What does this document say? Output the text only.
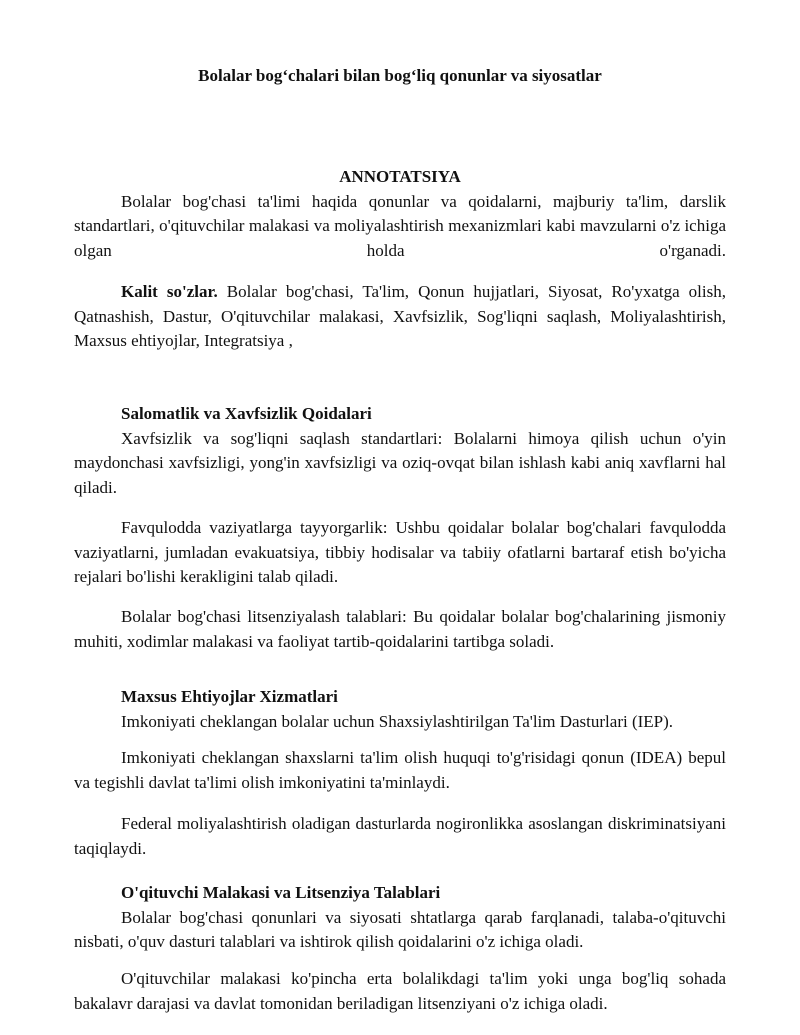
Bolalar bog‘chalari bilan bog‘liq qonunlar va siyosatlar
ANNOTATSIYA

Bolalar bog'chasi ta'limi haqida qonunlar va qoidalarni, majburiy ta'lim, darslik standartlari, o'qituvchilar malakasi va moliyalashtirish mexanizmlari kabi mavzularni o'z ichiga olgan holda o'rganadi.

Kalit so'zlar. Bolalar bog'chasi, Ta'lim, Qonun hujjatlari, Siyosat, Ro'yxatga olish, Qatnashish, Dastur, O'qituvchilar malakasi, Xavfsizlik, Sog'liqni saqlash, Moliyalashtirish, Maxsus ehtiyojlar, Integratsiya ,

Salomatlik va Xavfsizlik Qoidalari

Xavfsizlik va sog'liqni saqlash standartlari: Bolalarni himoya qilish uchun o'yin maydonchasi xavfsizligi, yong'in xavfsizligi va oziq-ovqat bilan ishlash kabi aniq xavflarni hal qiladi.

Favqulodda vaziyatlarga tayyorgarlik: Ushbu qoidalar bolalar bog'chalari favqulodda vaziyatlarni, jumladan evakuatsiya, tibbiy hodisalar va tabiiy ofatlarni bartaraf etish bo'yicha rejalari bo'lishi kerakligini talab qiladi.

Bolalar bog'chasi litsenziyalash talablari: Bu qoidalar bolalar bog'chalarining jismoniy muhiti, xodimlar malakasi va faoliyat tartib-qoidalarini tartibga soladi.

Maxsus Ehtiyojlar Xizmatlari
Imkoniyati cheklangan bolalar uchun Shaxsiylashtirilgan Ta'lim Dasturlari (IEP).

Imkoniyati cheklangan shaxslarni ta'lim olish huquqi to'g'risidagi qonun (IDEA) bepul va tegishli davlat ta'limi olish imkoniyatini ta'minlaydi.

Federal moliyalashtirish oladigan dasturlarda nogironlikka asoslangan diskriminatsiyani taqiqlaydi.

O'qituvchi Malakasi va Litsenziya Talablari

Bolalar bog'chasi qonunlari va siyosati shtatlarga qarab farqlanadi, talaba-o'qituvchi nisbati, o'quv dasturi talablari va ishtirok qilish qoidalarini o'z ichiga oladi.

O'qituvchilar malakasi ko'pincha erta bolalikdagi ta'lim yoki unga bog'liq sohada bakalavr darajasi va davlat tomonidan beriladigan litsenziyani o'z ichiga oladi.
